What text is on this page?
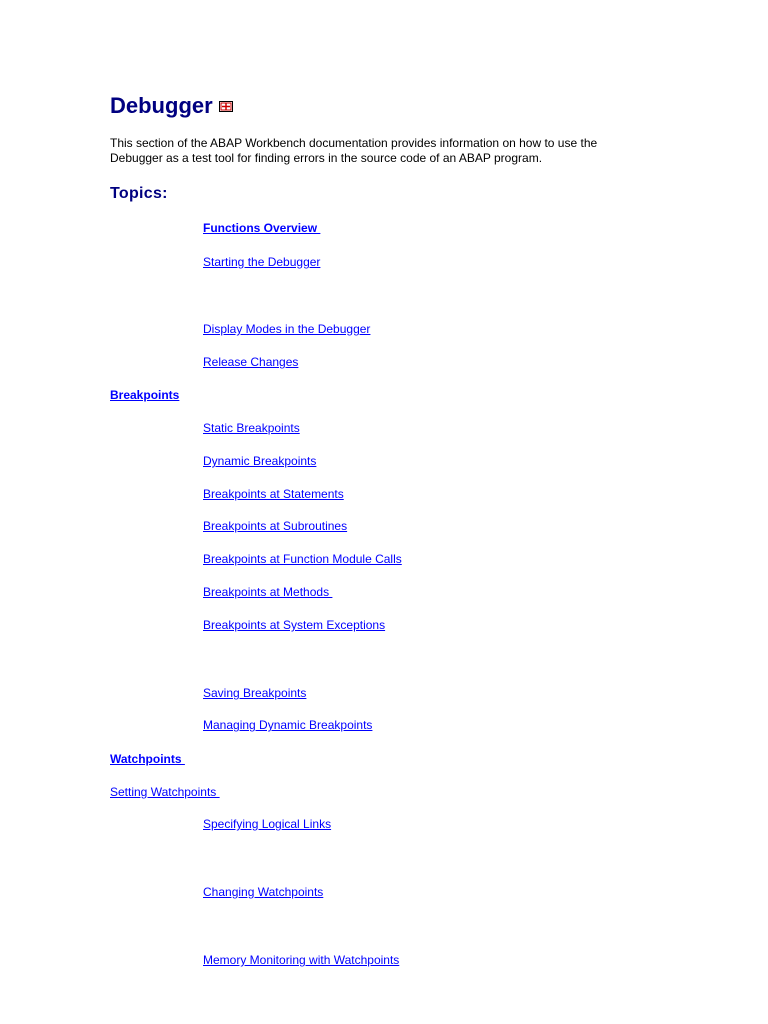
Debugger
This section of the ABAP Workbench documentation provides information on how to use the Debugger as a test tool for finding errors in the source code of an ABAP program.
Topics:
Functions Overview
Starting the Debugger
Display Modes in the Debugger
Release Changes
Breakpoints
Static Breakpoints
Dynamic Breakpoints
Breakpoints at Statements
Breakpoints at Subroutines
Breakpoints at Function Module Calls
Breakpoints at Methods
Breakpoints at System Exceptions
Saving Breakpoints
Managing Dynamic Breakpoints
Watchpoints
Setting Watchpoints
Specifying Logical Links
Changing Watchpoints
Memory Monitoring with Watchpoints
